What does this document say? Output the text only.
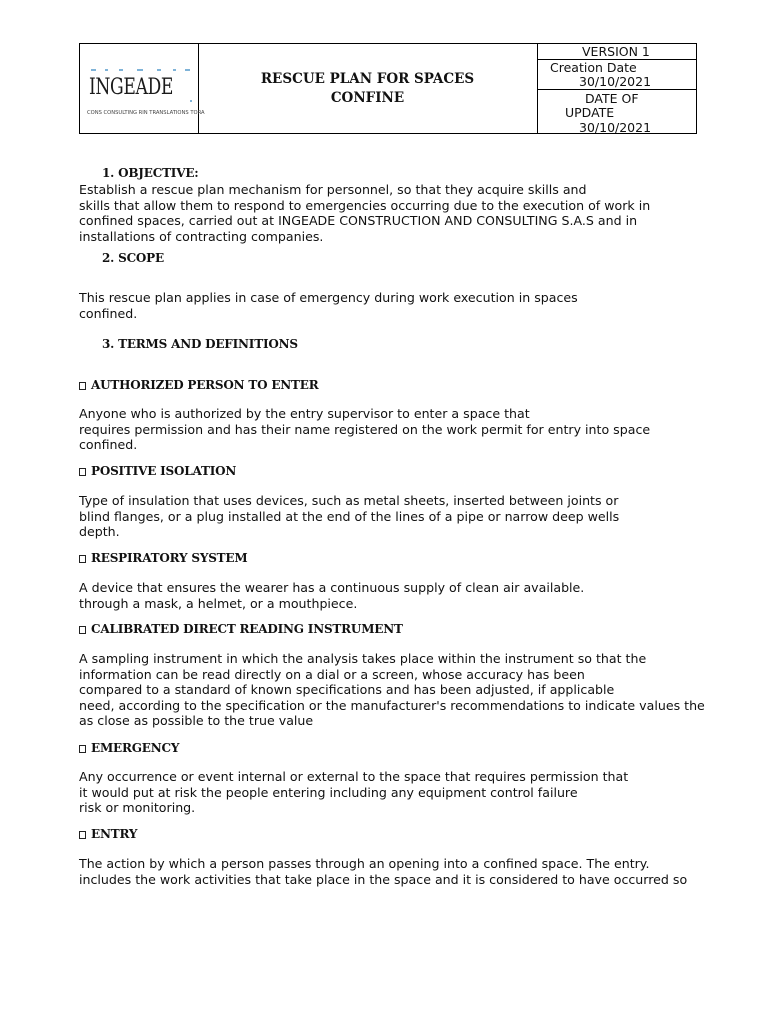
INGEADE
CONS CONSULTING RIN TRANSLATIONS TORA
RESCUE PLAN FOR SPACES
CONFINE
VERSION 1
Creation Date
30/10/2021
DATE OF
UPDATE
30/10/2021
1. OBJECTIVE:
Establish a rescue plan mechanism for personnel, so that they acquire skills and
skills that allow them to respond to emergencies occurring due to the execution of work in
confined spaces, carried out at INGEADE CONSTRUCTION AND CONSULTING S.A.S and in
installations of contracting companies.
2. SCOPE
This rescue plan applies in case of emergency during work execution in spaces
confined.
3. TERMS AND DEFINITIONS
AUTHORIZED PERSON TO ENTER
Anyone who is authorized by the entry supervisor to enter a space that
requires permission and has their name registered on the work permit for entry into space
confined.
POSITIVE ISOLATION
Type of insulation that uses devices, such as metal sheets, inserted between joints or
blind flanges, or a plug installed at the end of the lines of a pipe or narrow deep wells
depth.
RESPIRATORY SYSTEM
A device that ensures the wearer has a continuous supply of clean air available.
through a mask, a helmet, or a mouthpiece.
CALIBRATED DIRECT READING INSTRUMENT
A sampling instrument in which the analysis takes place within the instrument so that the
information can be read directly on a dial or a screen, whose accuracy has been
compared to a standard of known specifications and has been adjusted, if applicable
need, according to the specification or the manufacturer's recommendations to indicate values the
as close as possible to the true value
EMERGENCY
Any occurrence or event internal or external to the space that requires permission that
it would put at risk the people entering including any equipment control failure
risk or monitoring.
ENTRY
The action by which a person passes through an opening into a confined space. The entry.
includes the work activities that take place in the space and it is considered to have occurred so
